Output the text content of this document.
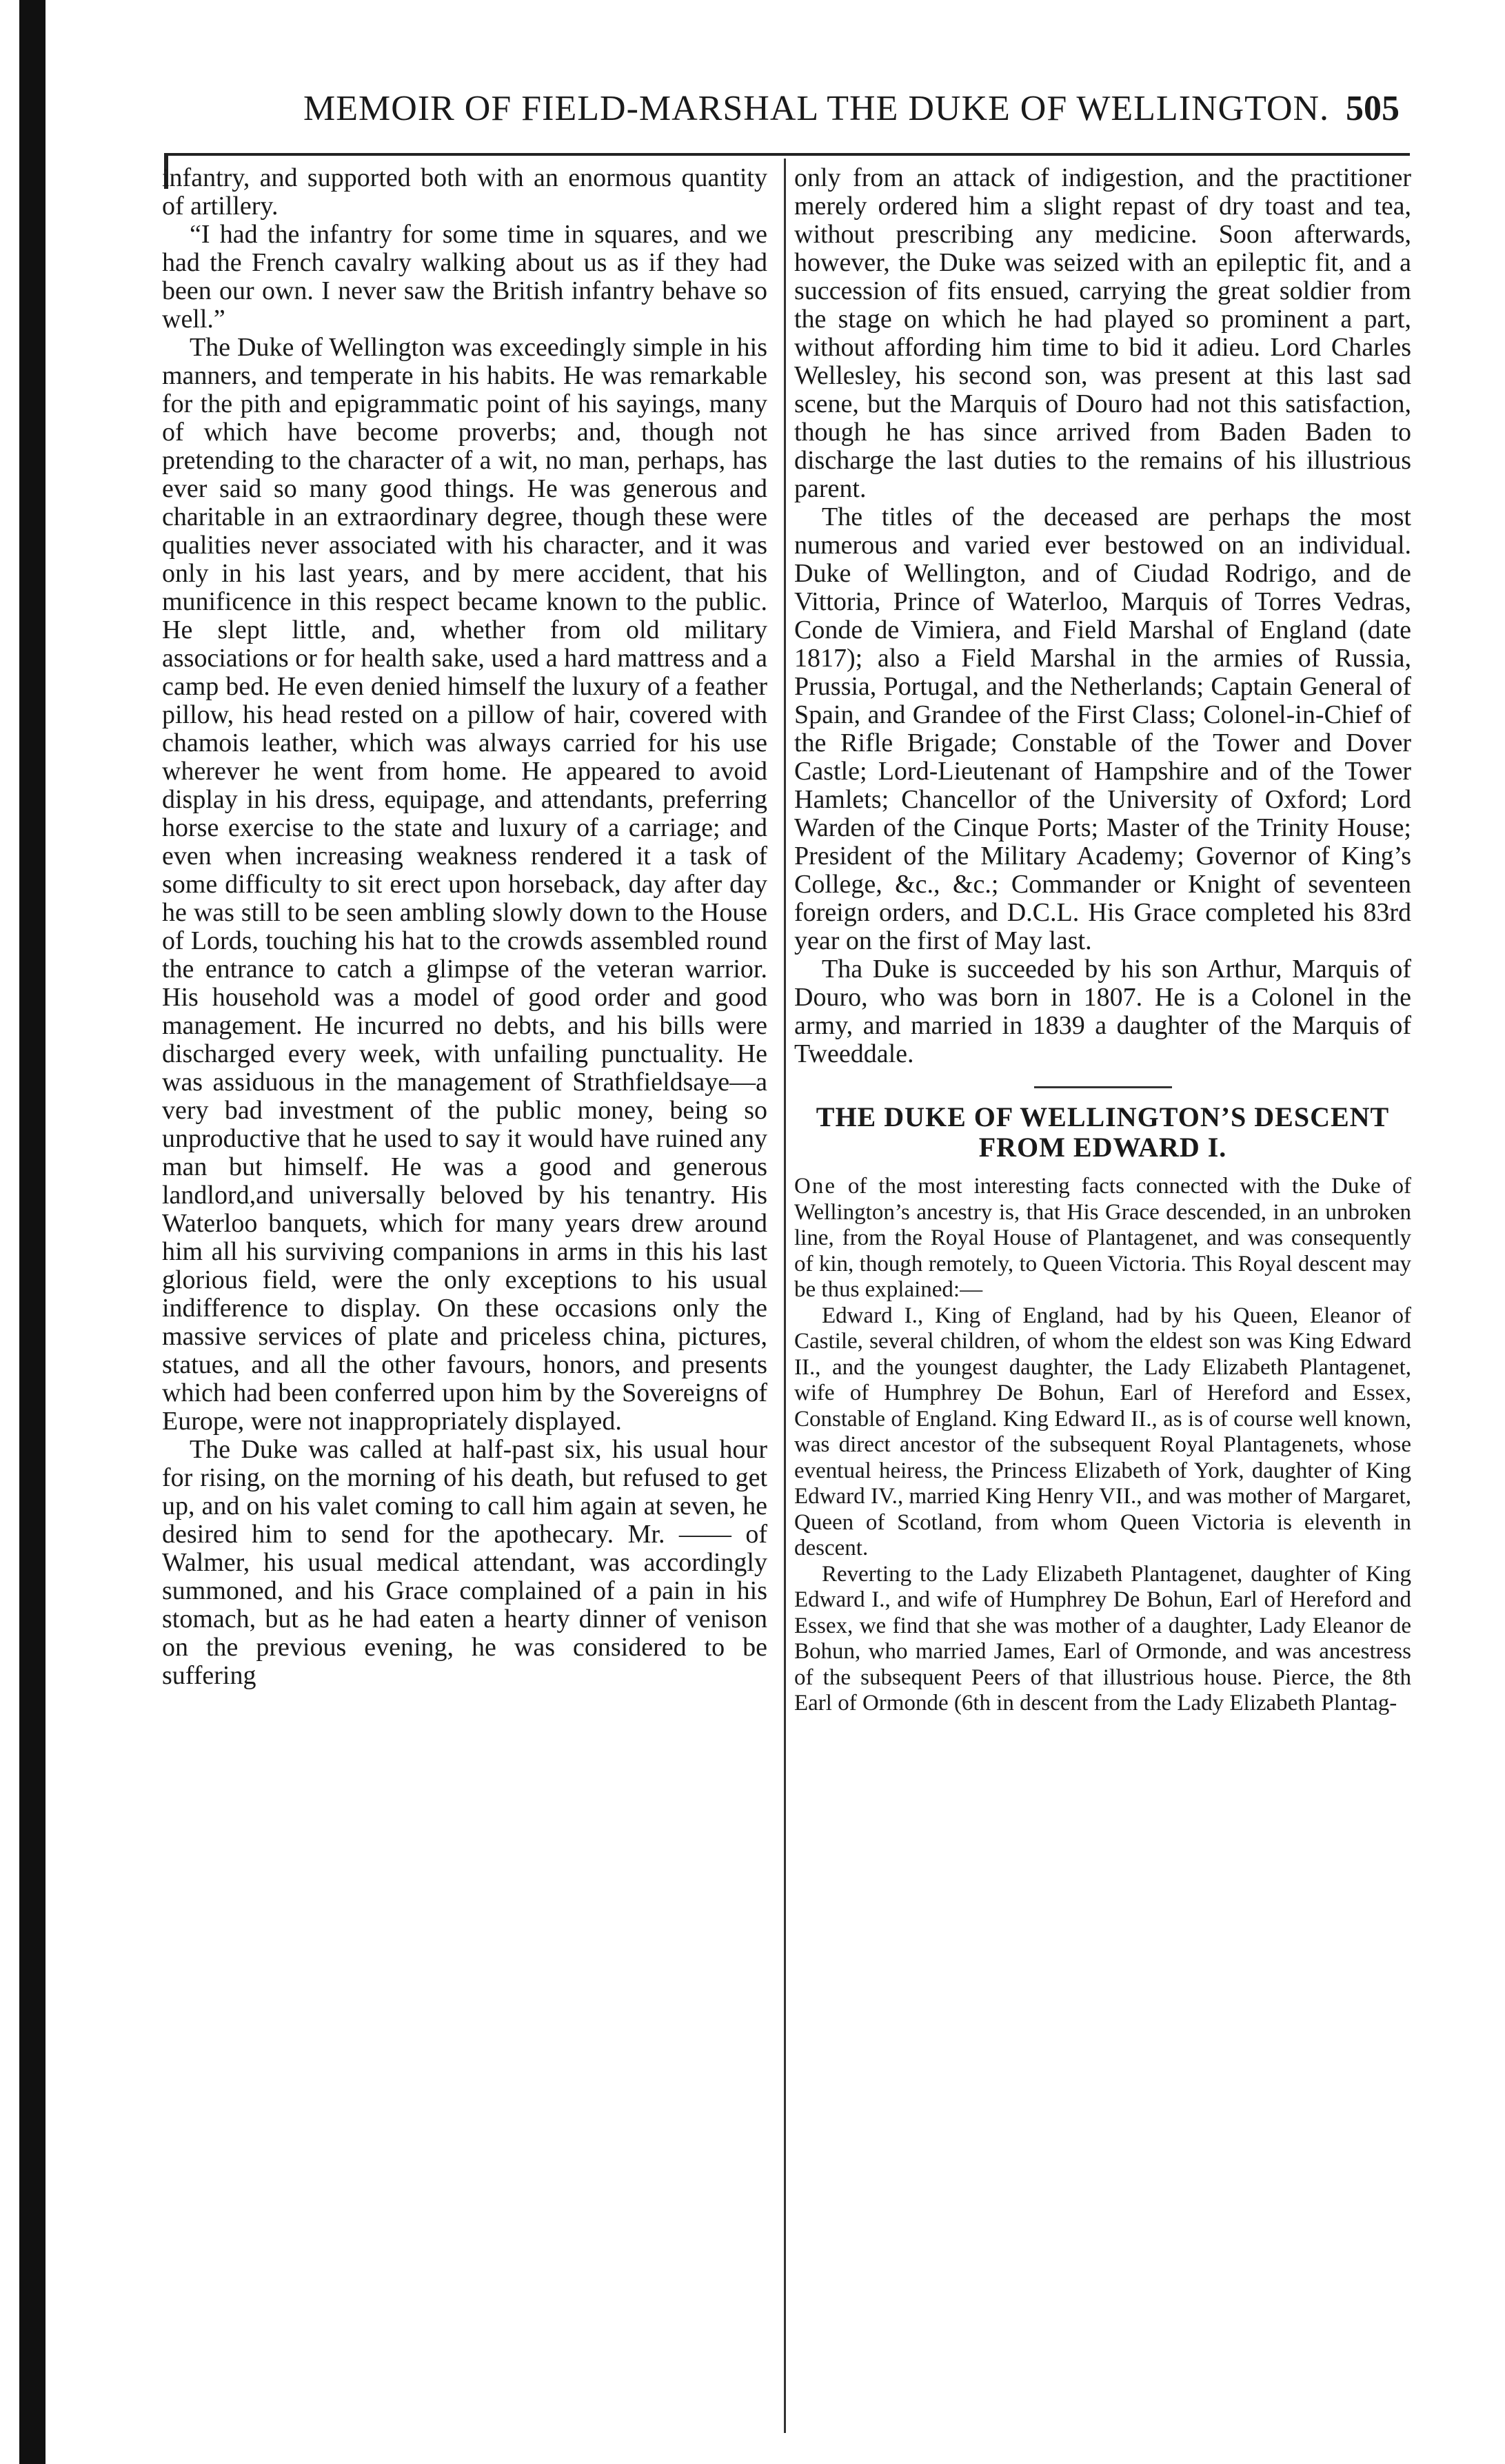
MEMOIR OF FIELD-MARSHAL THE DUKE OF WELLINGTON. 505

infantry, and supported both with an enormous quantity of artillery.

“I had the infantry for some time in squares, and we had the French cavalry walking about us as if they had been our own. I never saw the British infantry behave so well.”

The Duke of Wellington was exceedingly simple in his manners, and temperate in his habits. He was remarkable for the pith and epigrammatic point of his sayings, many of which have become proverbs; and, though not pretending to the character of a wit, no man, perhaps, has ever said so many good things. He was generous and charitable in an extraordinary degree, though these were qualities never associated with his character, and it was only in his last years, and by mere accident, that his munificence in this respect became known to the public. He slept little, and, whether from old military associations or for health sake, used a hard mattress and a camp bed. He even denied himself the luxury of a feather pillow, his head rested on a pillow of hair, covered with chamois leather, which was always carried for his use wherever he went from home. He appeared to avoid display in his dress, equipage, and attendants, preferring horse exercise to the state and luxury of a carriage; and even when increasing weakness rendered it a task of some difficulty to sit erect upon horseback, day after day he was still to be seen ambling slowly down to the House of Lords, touching his hat to the crowds assembled round the entrance to catch a glimpse of the veteran warrior. His household was a model of good order and good management. He incurred no debts, and his bills were discharged every week, with unfailing punctuality. He was assiduous in the management of Strathfieldsaye—a very bad investment of the public money, being so unproductive that he used to say it would have ruined any man but himself. He was a good and generous landlord,and universally beloved by his tenantry. His Waterloo banquets, which for many years drew around him all his surviving companions in arms in this his last glorious field, were the only exceptions to his usual indifference to display. On these occasions only the massive services of plate and priceless china, pictures, statues, and all the other favours, honors, and presents which had been conferred upon him by the Sovereigns of Europe, were not inappropriately displayed.

The Duke was called at half-past six, his usual hour for rising, on the morning of his death, but refused to get up, and on his valet coming to call him again at seven, he desired him to send for the apothecary. Mr. —— of Walmer, his usual medical attendant, was accordingly summoned, and his Grace complained of a pain in his stomach, but as he had eaten a hearty dinner of venison on the previous evening, he was considered to be suffering

only from an attack of indigestion, and the practitioner merely ordered him a slight repast of dry toast and tea, without prescribing any medicine. Soon afterwards, however, the Duke was seized with an epileptic fit, and a succession of fits ensued, carrying the great soldier from the stage on which he had played so prominent a part, without affording him time to bid it adieu. Lord Charles Wellesley, his second son, was present at this last sad scene, but the Marquis of Douro had not this satisfaction, though he has since arrived from Baden Baden to discharge the last duties to the remains of his illustrious parent.

The titles of the deceased are perhaps the most numerous and varied ever bestowed on an individual. Duke of Wellington, and of Ciudad Rodrigo, and de Vittoria, Prince of Waterloo, Marquis of Torres Vedras, Conde de Vimiera, and Field Marshal of England (date 1817); also a Field Marshal in the armies of Russia, Prussia, Portugal, and the Netherlands; Captain General of Spain, and Grandee of the First Class; Colonel-in-Chief of the Rifle Brigade; Constable of the Tower and Dover Castle; Lord-Lieutenant of Hampshire and of the Tower Hamlets; Chancellor of the University of Oxford; Lord Warden of the Cinque Ports; Master of the Trinity House; President of the Military Academy; Governor of King’s College, &c., &c.; Commander or Knight of seventeen foreign orders, and D.C.L. His Grace completed his 83rd year on the first of May last.

Tha Duke is succeeded by his son Arthur, Marquis of Douro, who was born in 1807. He is a Colonel in the army, and married in 1839 a daughter of the Marquis of Tweeddale.

THE DUKE OF WELLINGTON’S DESCENT FROM EDWARD I.

One of the most interesting facts connected with the Duke of Wellington’s ancestry is, that His Grace descended, in an unbroken line, from the Royal House of Plantagenet, and was consequently of kin, though remotely, to Queen Victoria. This Royal descent may be thus explained:—

Edward I., King of England, had by his Queen, Eleanor of Castile, several children, of whom the eldest son was King Edward II., and the youngest daughter, the Lady Elizabeth Plantagenet, wife of Humphrey De Bohun, Earl of Hereford and Essex, Constable of England. King Edward II., as is of course well known, was direct ancestor of the subsequent Royal Plantagenets, whose eventual heiress, the Princess Elizabeth of York, daughter of King Edward IV., married King Henry VII., and was mother of Margaret, Queen of Scotland, from whom Queen Victoria is eleventh in descent.

Reverting to the Lady Elizabeth Plantagenet, daughter of King Edward I., and wife of Humphrey De Bohun, Earl of Hereford and Essex, we find that she was mother of a daughter, Lady Eleanor de Bohun, who married James, Earl of Ormonde, and was ancestress of the subsequent Peers of that illustrious house. Pierce, the 8th Earl of Ormonde (6th in descent from the Lady Elizabeth Plantag-
